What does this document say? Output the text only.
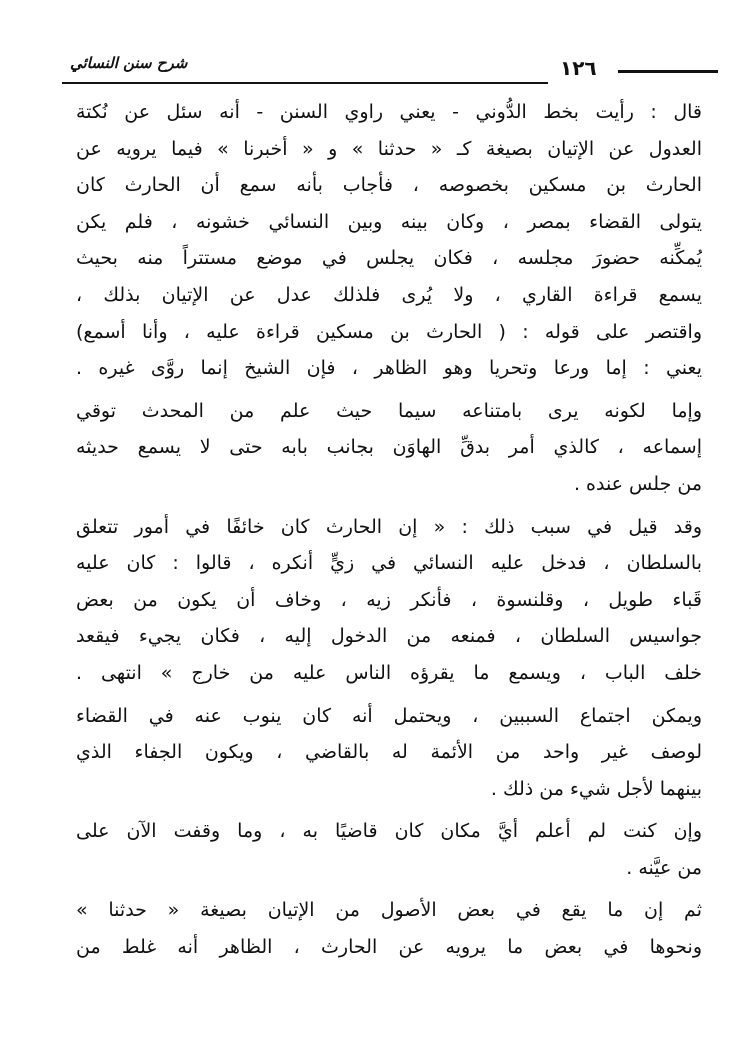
شرح سنن النسائي	١٢٦

قال : رأيت بخط الدُّوني - يعني راوي السنن - أنه سئل عن نُكتة
العدول عن الإتيان بصيغة كـ « حدثنا » و « أخبرنا » فيما يرويه عن
الحارث بن مسكين بخصوصه ، فأجاب بأنه سمع أن الحارث كان
يتولى القضاء بمصر ، وكان بينه وبين النسائي خشونه ، فلم يكن
يُمكِّنه حضورَ مجلسه ، فكان يجلس في موضع مستتراً منه بحيث
يسمع قراءة القاري ، ولا يُرى فلذلك عدل عن الإتيان بذلك ،
واقتصر على قوله : ( الحارث بن مسكين قراءة عليه ، وأنا أسمع)
يعني : إما ورعا وتحريا وهو الظاهر ، فإن الشيخ إنما روَّى غيره .

وإما لكونه يرى بامتناعه سيما حيث علم من المحدث توقي
إسماعه ، كالذي أمر بدقِّ الهاوَن بجانب بابه حتى لا يسمع حديثه
من جلس عنده .

وقد قيل في سبب ذلك : « إن الحارث كان خائفًا في أمور تتعلق
بالسلطان ، فدخل عليه النسائي في زيٍّ أنكره ، قالوا : كان عليه
قَباء طويل ، وقلنسوة ، فأنكر زيه ، وخاف أن يكون من بعض
جواسيس السلطان ، فمنعه من الدخول إليه ، فكان يجيء فيقعد
خلف الباب ، ويسمع ما يقرؤه الناس عليه من خارج » انتهى .

ويمكن اجتماع السببين ، ويحتمل أنه كان ينوب عنه في القضاء
لوصف غير واحد من الأئمة له بالقاضي ، ويكون الجفاء الذي
بينهما لأجل شيء من ذلك .

وإن كنت لم أعلم أيَّ مكان كان قاضيًا به ، وما وقفت الآن على
من عيَّنه .

ثم إن ما يقع في بعض الأصول من الإتيان بصيغة « حدثنا »
ونحوها في بعض ما يرويه عن الحارث ، الظاهر أنه غلط من
